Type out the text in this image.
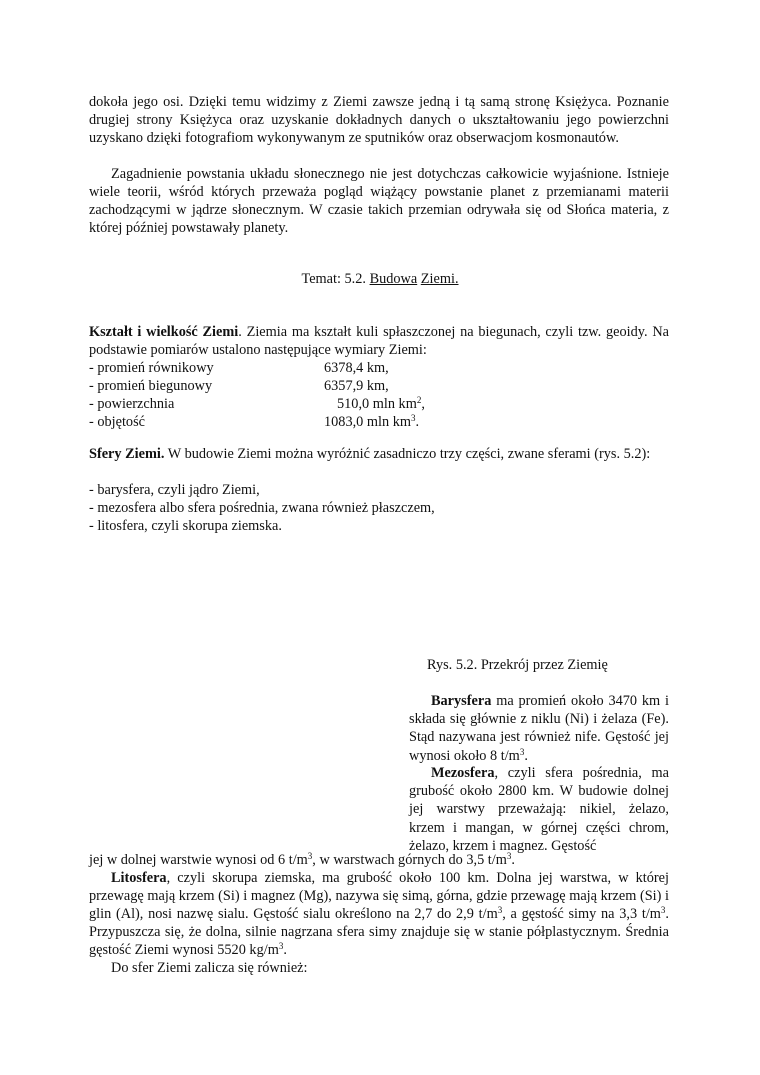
dokoła jego osi. Dzięki temu widzimy z Ziemi zawsze jedną i tą samą stronę Księżyca. Poznanie drugiej strony Księżyca oraz uzyskanie dokładnych danych o ukształtowaniu jego powierzchni uzyskano dzięki fotografiom wykonywanym ze sputników oraz obserwacjom kosmonautów.

Zagadnienie powstania układu słonecznego nie jest dotychczas całkowicie wyjaśnione. Istnieje wiele teorii, wśród których przeważa pogląd wiążący powstanie planet z przemianami materii zachodzącymi w jądrze słonecznym. W czasie takich przemian odrywała się od Słońca materia, z której później powstawały planety.

Temat: 5.2. Budowa Ziemi.

Kształt i wielkość Ziemi. Ziemia ma kształt kuli spłaszczonej na biegunach, czyli tzw. geoidy. Na podstawie pomiarów ustalono następujące wymiary Ziemi:

- promień równikowy	6378,4 km,
- promień biegunowy	6357,9 km,
- powierzchnia	510,0 mln $km^2$,
- objętość	1083,0 mln $km^3$.

Sfery Ziemi. W budowie Ziemi można wyróżnić zasadniczo trzy części, zwane sferami (rys. 5.2):

- barysfera, czyli jądro Ziemi,
- mezosfera albo sfera pośrednia, zwana również płaszczem,
- litosfera, czyli skorupa ziemska.
Rys. 5.2. Przekrój przez Ziemię

Barysfera ma promień około 3470 km i składa się głównie z niklu (Ni) i żelaza (Fe). Stąd nazywana jest również nife. Gęstość jej wynosi około 8 $t/m^3$.

Mezosfera, czyli sfera pośrednia, ma grubość około 2800 km. W budowie dolnej jej warstwy przeważają: nikiel, żelazo, krzem i mangan, w górnej części chrom, żelazo, krzem i magnez. Gęstość

jej w dolnej warstwie wynosi od 6 $t/m^3$, w warstwach górnych do 3,5 $t/m^3$.

Litosfera, czyli skorupa ziemska, ma grubość około 100 km. Dolna jej warstwa, w której przewagę mają krzem (Si) i magnez (Mg), nazywa się simą, górna, gdzie przewagę mają krzem (Si) i glin (Al), nosi nazwę sialu. Gęstość sialu określono na 2,7 do 2,9 $t/m^3$, a gęstość simy na 3,3 $t/m^3$. Przypuszcza się, że dolna, silnie nagrzana sfera simy znajduje się w stanie półplastycznym. Średnia gęstość Ziemi wynosi 5520 $kg/m^3$.

Do sfer Ziemi zalicza się również:
